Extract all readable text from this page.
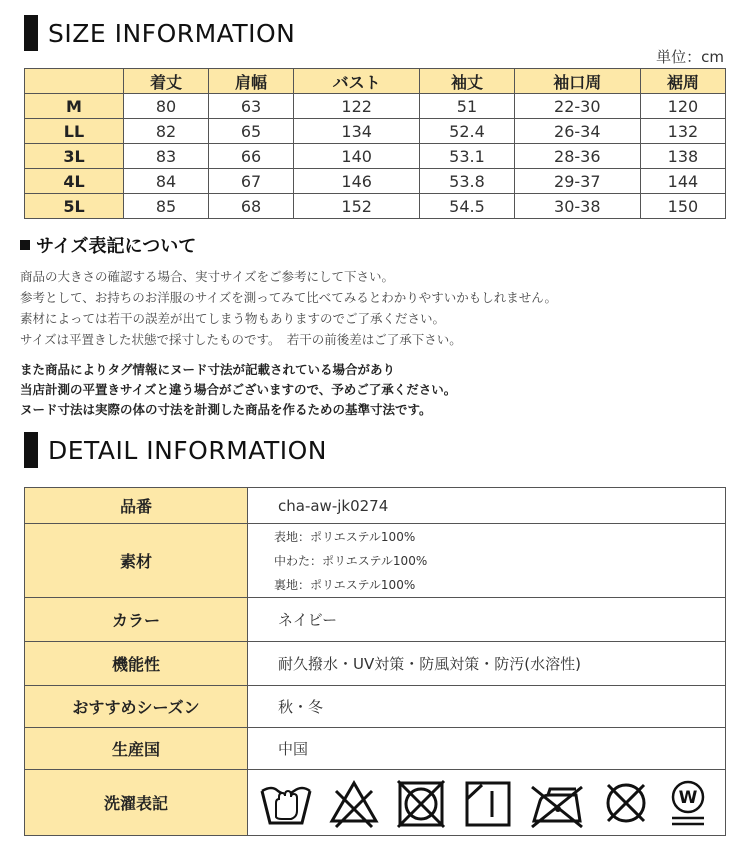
SIZE INFORMATION
単位：cm
	着丈	肩幅	バスト	袖丈	袖口周	裾周
M	80	63	122	51	22-30	120
LL	82	65	134	52.4	26-34	132
3L	83	66	140	53.1	28-36	138
4L	84	67	146	53.8	29-37	144
5L	85	68	152	54.5	30-38	150
サイズ表記について
商品の大きさの確認する場合、実寸サイズをご参考にして下さい。
参考として、お持ちのお洋服のサイズを測ってみて比べてみるとわかりやすいかもしれません。
素材によっては若干の誤差が出てしまう物もありますのでご了承ください。
サイズは平置きした状態で採寸したものです。　若干の前後差はご了承下さい。
また商品によりタグ情報にヌード寸法が記載されている場合があり
当店計測の平置きサイズと違う場合がございますので、予めご了承ください。
ヌード寸法は実際の体の寸法を計測した商品を作るための基準寸法です。
DETAIL INFORMATION
品番	cha-aw-jk0274
素材	表地：ポリエステル100%
中わた：ポリエステル100%
裏地：ポリエステル100%

カラー	ネイビー
機能性	耐久撥水・UV対策・防風対策・防汚(水溶性)
おすすめシーズン	秋・冬
生産国	中国
洗濯表記	W
